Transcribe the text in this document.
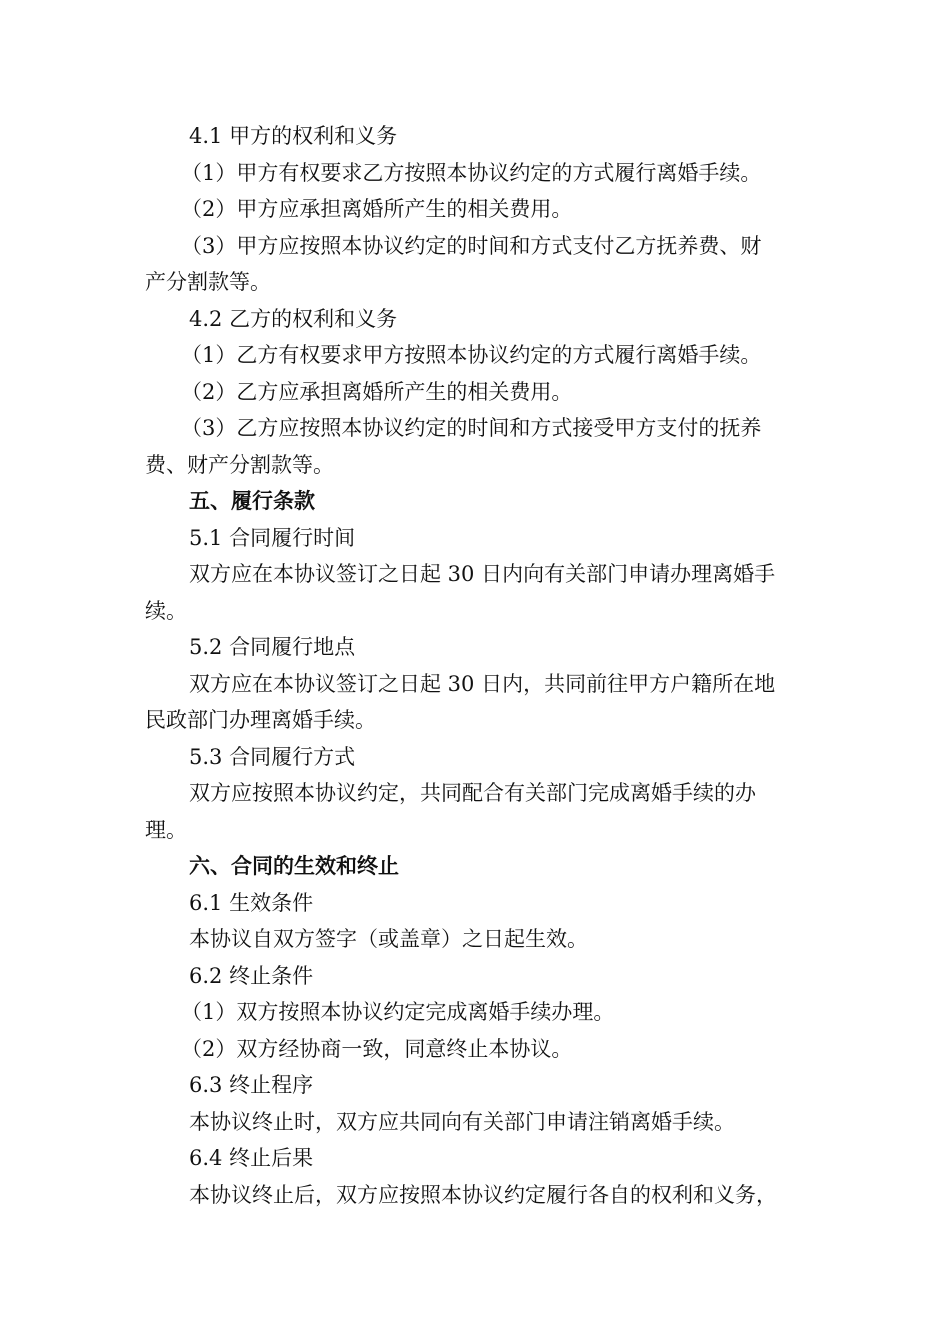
4.1 甲方的权利和义务
（1）甲方有权要求乙方按照本协议约定的方式履行离婚手续。
（2）甲方应承担离婚所产生的相关费用。
（3）甲方应按照本协议约定的时间和方式支付乙方抚养费、财
产分割款等。
4.2 乙方的权利和义务
（1）乙方有权要求甲方按照本协议约定的方式履行离婚手续。
（2）乙方应承担离婚所产生的相关费用。
（3）乙方应按照本协议约定的时间和方式接受甲方支付的抚养
费、财产分割款等。
五、履行条款
5.1 合同履行时间
双方应在本协议签订之日起 30 日内向有关部门申请办理离婚手
续。
5.2 合同履行地点
双方应在本协议签订之日起 30 日内，共同前往甲方户籍所在地
民政部门办理离婚手续。
5.3 合同履行方式
双方应按照本协议约定，共同配合有关部门完成离婚手续的办
理。
六、合同的生效和终止
6.1 生效条件
本协议自双方签字（或盖章）之日起生效。
6.2 终止条件
（1）双方按照本协议约定完成离婚手续办理。
（2）双方经协商一致，同意终止本协议。
6.3 终止程序
本协议终止时，双方应共同向有关部门申请注销离婚手续。
6.4 终止后果
本协议终止后，双方应按照本协议约定履行各自的权利和义务，
